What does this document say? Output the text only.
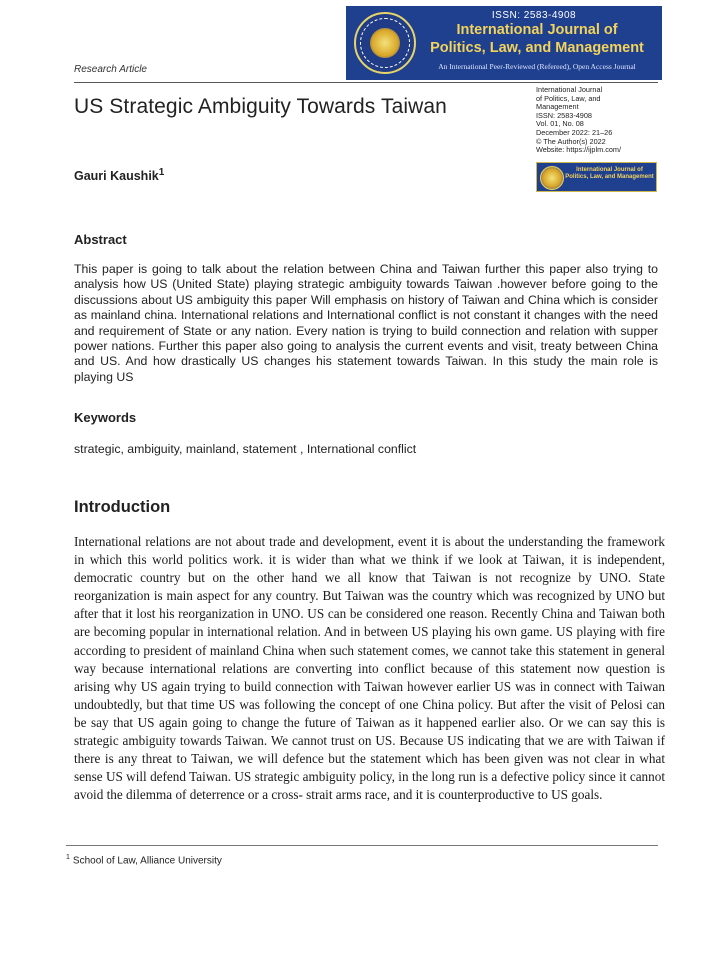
ISSN: 2583-4908
International Journal of
Politics, Law, and Management
An International Peer-Reviewed (Refereed), Open Access Journal
Research Article
US Strategic Ambiguity Towards Taiwan
International Journal
of Politics, Law, and
Management
ISSN: 2583-4908
Vol. 01, No. 08
December 2022: 21–26
© The Author(s) 2022
Website: https://ijplm.com/
International Journal of Politics, Law, and Management
Gauri Kaushik$^1$
Abstract

This paper is going to talk about the relation between China and Taiwan further this paper also trying to analysis how US (United State) playing strategic ambiguity towards Taiwan .however before going to the discussions about US ambiguity this paper Will emphasis on history of Taiwan and China which is consider as mainland china. International relations and International conflict is not constant it changes with the need and requirement of State or any nation. Every nation is trying to build connection and relation with supper power nations. Further this paper also going to analysis the current events and visit, treaty between China and US. And how drastically US changes his statement towards Taiwan. In this study the main role is playing US

Keywords

strategic, ambiguity, mainland, statement , International conflict

Introduction

International relations are not about trade and development, event it is about the understanding the framework in which this world politics work. it is wider than what we think if we look at Taiwan, it is independent, democratic country but on the other hand we all know that Taiwan is not recognize by UNO. State reorganization is main aspect for any country. But Taiwan was the country which was recognized by UNO but after that it lost his reorganization in UNO. US can be considered one reason. Recently China and Taiwan both are becoming popular in international relation. And in between US playing his own game. US playing with fire according to president of mainland China when such statement comes, we cannot take this statement in general way because international relations are converting into conflict because of this statement now question is arising why US again trying to build connection with Taiwan however earlier US was in connect with Taiwan undoubtedly, but that time US was following the concept of one China policy. But after the visit of Pelosi can be say that US again going to change the future of Taiwan as it happened earlier also. Or we can say this is strategic ambiguity towards Taiwan. We cannot trust on US. Because US indicating that we are with Taiwan if there is any threat to Taiwan, we will defence but the statement which has been given was not clear in what sense US will defend Taiwan. US strategic ambiguity policy, in the long run is a defective policy since it cannot avoid the dilemma of deterrence or a cross- strait arms race, and it is counterproductive to US goals.

$^1$ School of Law, Alliance University
